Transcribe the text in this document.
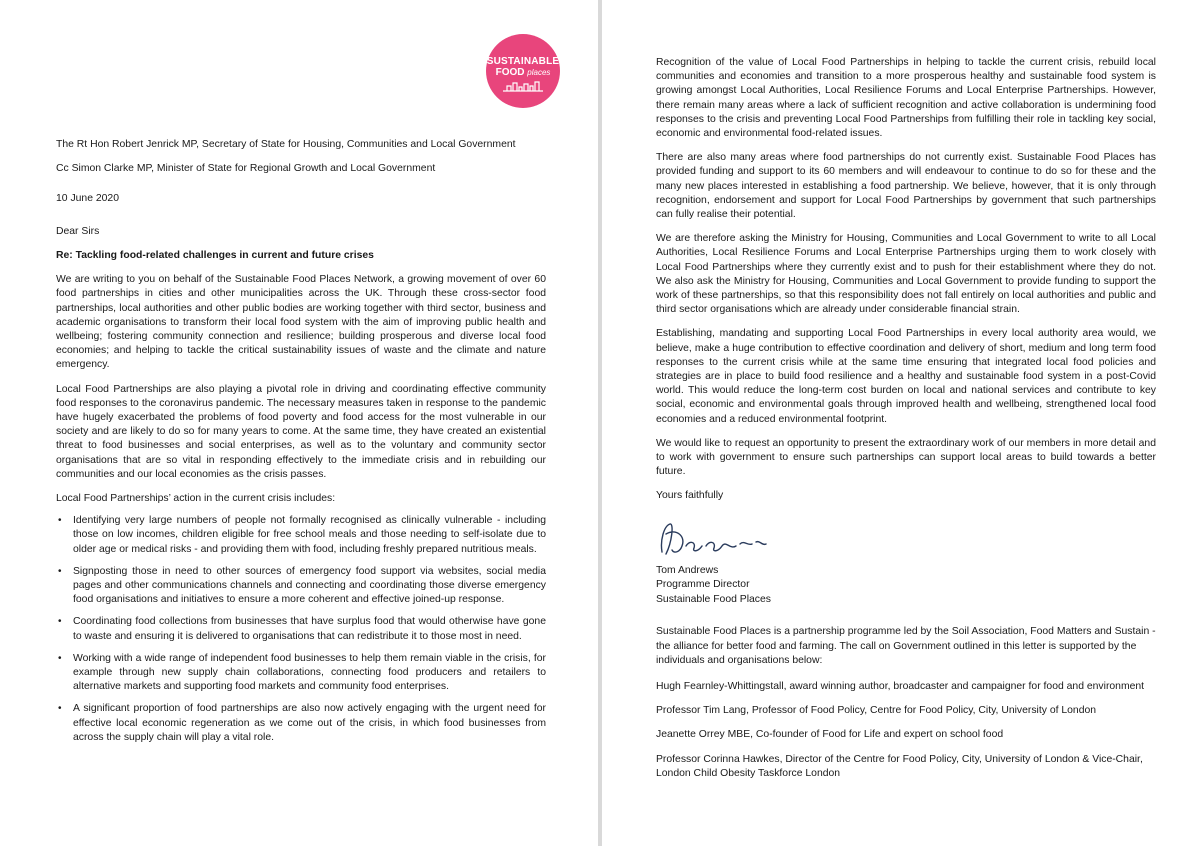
SUSTAINABLE
FOOD places

The Rt Hon Robert Jenrick MP, Secretary of State for Housing, Communities and Local Government

Cc Simon Clarke MP, Minister of State for Regional Growth and Local Government

10 June 2020

Dear Sirs

Re: Tackling food-related challenges in current and future crises

We are writing to you on behalf of the Sustainable Food Places Network, a growing movement of over 60 food partnerships in cities and other municipalities across the UK. Through these cross-sector food partnerships, local authorities and other public bodies are working together with third sector, business and academic organisations to transform their local food system with the aim of improving public health and wellbeing; fostering community connection and resilience; building prosperous and diverse local food economies; and helping to tackle the critical sustainability issues of waste and the climate and nature emergency.

Local Food Partnerships are also playing a pivotal role in driving and coordinating effective community food responses to the coronavirus pandemic. The necessary measures taken in response to the pandemic have hugely exacerbated the problems of food poverty and food access for the most vulnerable in our society and are likely to do so for many years to come. At the same time, they have created an existential threat to food businesses and social enterprises, as well as to the voluntary and community sector organisations that are so vital in responding effectively to the immediate crisis and in rebuilding our communities and our local economies as the crisis passes.

Local Food Partnerships’ action in the current crisis includes:

• Identifying very large numbers of people not formally recognised as clinically vulnerable - including those on low incomes, children eligible for free school meals and those needing to self-isolate due to older age or medical risks - and providing them with food, including freshly prepared nutritious meals.
• Signposting those in need to other sources of emergency food support via websites, social media pages and other communications channels and connecting and coordinating those diverse emergency food organisations and initiatives to ensure a more coherent and effective joined-up response.
• Coordinating food collections from businesses that have surplus food that would otherwise have gone to waste and ensuring it is delivered to organisations that can redistribute it to those most in need.
• Working with a wide range of independent food businesses to help them remain viable in the crisis, for example through new supply chain collaborations, connecting food producers and retailers to alternative markets and supporting food markets and community food enterprises.
• A significant proportion of food partnerships are also now actively engaging with the urgent need for effective local economic regeneration as we come out of the crisis, in which food businesses from across the supply chain will play a vital role.

Recognition of the value of Local Food Partnerships in helping to tackle the current crisis, rebuild local communities and economies and transition to a more prosperous healthy and sustainable food system is growing amongst Local Authorities, Local Resilience Forums and Local Enterprise Partnerships. However, there remain many areas where a lack of sufficient recognition and active collaboration is undermining food responses to the crisis and preventing Local Food Partnerships from fulfilling their role in tackling key social, economic and environmental food-related issues.

There are also many areas where food partnerships do not currently exist. Sustainable Food Places has provided funding and support to its 60 members and will endeavour to continue to do so for these and the many new places interested in establishing a food partnership. We believe, however, that it is only through recognition, endorsement and support for Local Food Partnerships by government that such partnerships can fully realise their potential.

We are therefore asking the Ministry for Housing, Communities and Local Government to write to all Local Authorities, Local Resilience Forums and Local Enterprise Partnerships urging them to work closely with Local Food Partnerships where they currently exist and to push for their establishment where they do not. We also ask the Ministry for Housing, Communities and Local Government to provide funding to support the work of these partnerships, so that this responsibility does not fall entirely on local authorities and public and third sector organisations which are already under considerable financial strain.

Establishing, mandating and supporting Local Food Partnerships in every local authority area would, we believe, make a huge contribution to effective coordination and delivery of short, medium and long term food responses to the current crisis while at the same time ensuring that integrated local food policies and strategies are in place to build food resilience and a healthy and sustainable food system in a post-Covid world. This would reduce the long-term cost burden on local and national services and contribute to key social, economic and environmental goals through improved health and wellbeing, strengthened local food economies and a reduced environmental footprint.

We would like to request an opportunity to present the extraordinary work of our members in more detail and to work with government to ensure such partnerships can support local areas to build towards a better future.

Yours faithfully

Tom Andrews

Programme Director

Sustainable Food Places

Sustainable Food Places is a partnership programme led by the Soil Association, Food Matters and Sustain - the alliance for better food and farming. The call on Government outlined in this letter is supported by the individuals and organisations below:

Hugh Fearnley-Whittingstall, award winning author, broadcaster and campaigner for food and environment

Professor Tim Lang, Professor of Food Policy, Centre for Food Policy, City, University of London

Jeanette Orrey MBE, Co-founder of Food for Life and expert on school food

Professor Corinna Hawkes, Director of the Centre for Food Policy, City, University of London & Vice-Chair, London Child Obesity Taskforce London
